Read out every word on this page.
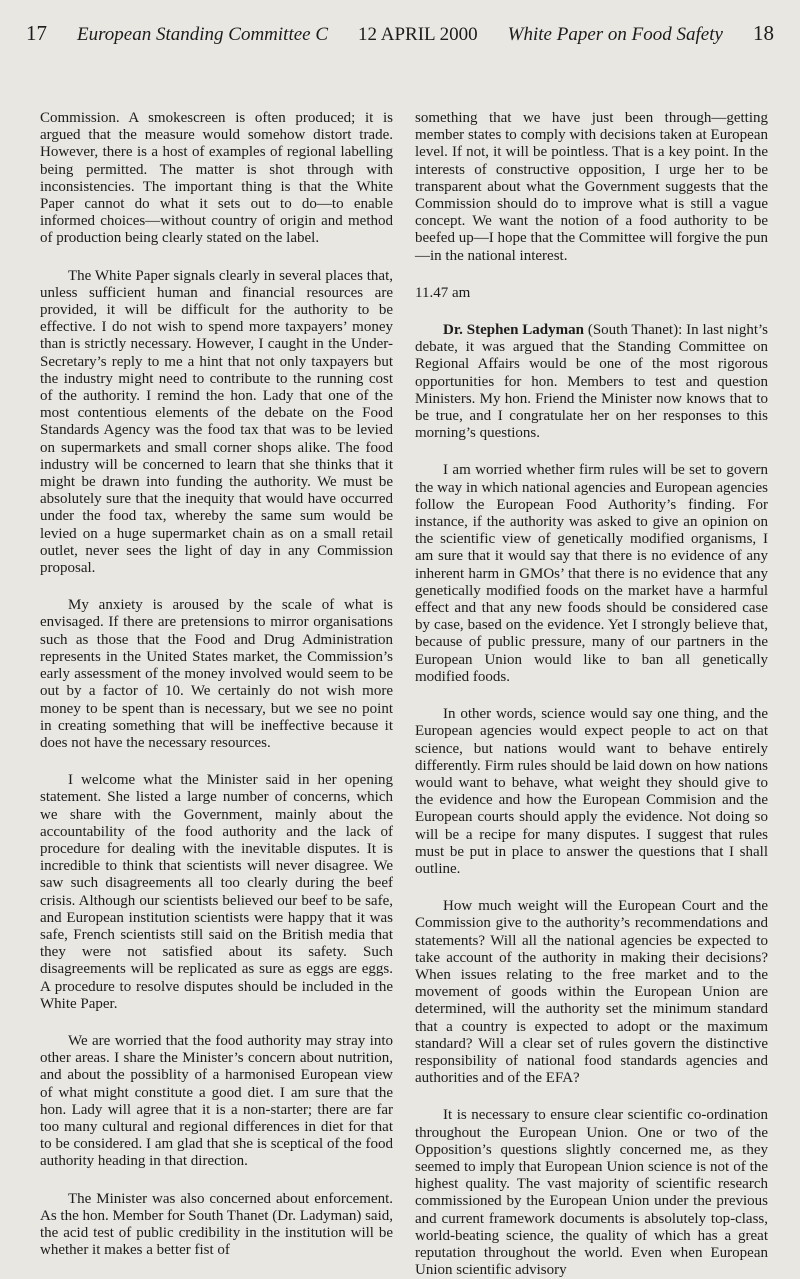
17 European Standing Committee C 12 APRIL 2000 White Paper on Food Safety 18

Commission. A smokescreen is often produced; it is argued that the measure would somehow distort trade. However, there is a host of examples of regional labelling being permitted. The matter is shot through with inconsistencies. The important thing is that the White Paper cannot do what it sets out to do—to enable informed choices—without country of origin and method of production being clearly stated on the label.

The White Paper signals clearly in several places that, unless sufficient human and financial resources are provided, it will be difficult for the authority to be effective. I do not wish to spend more taxpayers’ money than is strictly necessary. However, I caught in the Under-Secretary’s reply to me a hint that not only taxpayers but the industry might need to contribute to the running cost of the authority. I remind the hon. Lady that one of the most contentious elements of the debate on the Food Standards Agency was the food tax that was to be levied on supermarkets and small corner shops alike. The food industry will be concerned to learn that she thinks that it might be drawn into funding the authority. We must be absolutely sure that the inequity that would have occurred under the food tax, whereby the same sum would be levied on a huge supermarket chain as on a small retail outlet, never sees the light of day in any Commission proposal.

My anxiety is aroused by the scale of what is envisaged. If there are pretensions to mirror organisations such as those that the Food and Drug Administration represents in the United States market, the Commission’s early assessment of the money involved would seem to be out by a factor of 10. We certainly do not wish more money to be spent than is necessary, but we see no point in creating something that will be ineffective because it does not have the necessary resources.

I welcome what the Minister said in her opening statement. She listed a large number of concerns, which we share with the Government, mainly about the accountability of the food authority and the lack of procedure for dealing with the inevitable disputes. It is incredible to think that scientists will never disagree. We saw such disagreements all too clearly during the beef crisis. Although our scientists believed our beef to be safe, and European institution scientists were happy that it was safe, French scientists still said on the British media that they were not satisfied about its safety. Such disagreements will be replicated as sure as eggs are eggs. A procedure to resolve disputes should be included in the White Paper.

We are worried that the food authority may stray into other areas. I share the Minister’s concern about nutrition, and about the possiblity of a harmonised European view of what might constitute a good diet. I am sure that the hon. Lady will agree that it is a non-starter; there are far too many cultural and regional differences in diet for that to be considered. I am glad that she is sceptical of the food authority heading in that direction.

The Minister was also concerned about enforcement. As the hon. Member for South Thanet (Dr. Ladyman) said, the acid test of public credibility in the institution will be whether it makes a better fist of

something that we have just been through—getting member states to comply with decisions taken at European level. If not, it will be pointless. That is a key point. In the interests of constructive opposition, I urge her to be transparent about what the Government suggests that the Commission should do to improve what is still a vague concept. We want the notion of a food authority to be beefed up—I hope that the Committee will forgive the pun—in the national interest.

11.47 am

Dr. Stephen Ladyman (South Thanet): In last night’s debate, it was argued that the Standing Committee on Regional Affairs would be one of the most rigorous opportunities for hon. Members to test and question Ministers. My hon. Friend the Minister now knows that to be true, and I congratulate her on her responses to this morning’s questions.

I am worried whether firm rules will be set to govern the way in which national agencies and European agencies follow the European Food Authority’s finding. For instance, if the authority was asked to give an opinion on the scientific view of genetically modified organisms, I am sure that it would say that there is no evidence of any inherent harm in GMOs’ that there is no evidence that any genetically modified foods on the market have a harmful effect and that any new foods should be considered case by case, based on the evidence. Yet I strongly believe that, because of public pressure, many of our partners in the European Union would like to ban all genetically modified foods.

In other words, science would say one thing, and the European agencies would expect people to act on that science, but nations would want to behave entirely differently. Firm rules should be laid down on how nations would want to behave, what weight they should give to the evidence and how the European Commision and the European courts should apply the evidence. Not doing so will be a recipe for many disputes. I suggest that rules must be put in place to answer the questions that I shall outline.

How much weight will the European Court and the Commission give to the authority’s recommendations and statements? Will all the national agencies be expected to take account of the authority in making their decisions? When issues relating to the free market and to the movement of goods within the European Union are determined, will the authority set the minimum standard that a country is expected to adopt or the maximum standard? Will a clear set of rules govern the distinctive responsibility of national food standards agencies and authorities and of the EFA?

It is necessary to ensure clear scientific co-ordination throughout the European Union. One or two of the Opposition’s questions slightly concerned me, as they seemed to imply that European Union science is not of the highest quality. The vast majority of scientific research commissioned by the European Union under the previous and current framework documents is absolutely top-class, world-beating science, the quality of which has a great reputation throughout the world. Even when European Union scientific advisory
